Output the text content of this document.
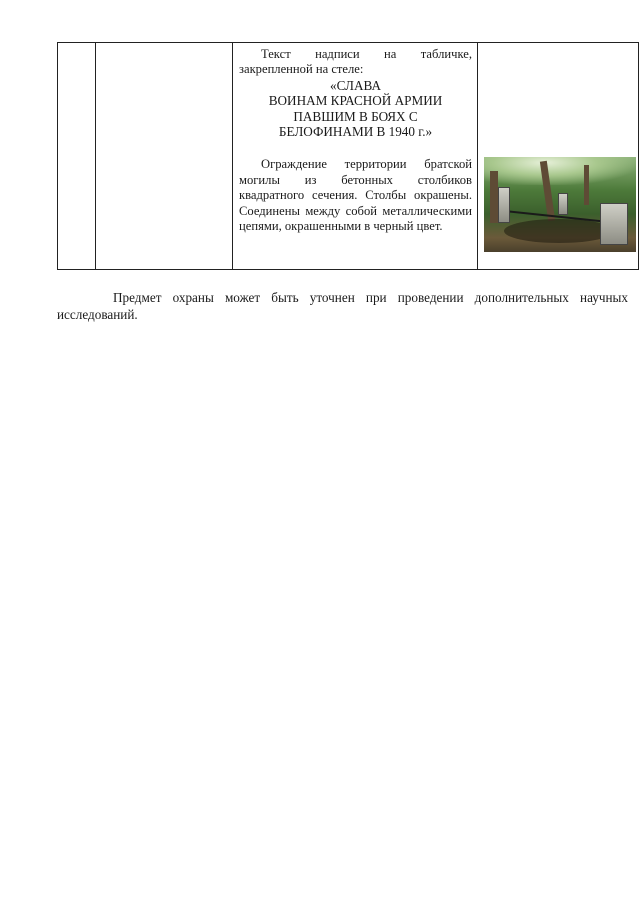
Текст надписи на табличке, закрепленной на стеле:

«СЛАВА

ВОИНАМ КРАСНОЙ АРМИИ

ПАВШИМ В БОЯХ С

БЕЛОФИНАМИ В 1940 г.»

Ограждение территории братской могилы из бетонных столбиков квадратного сечения. Столбы окрашены. Соединены между собой металлическими цепями, окрашенными в черный цвет.

Предмет охраны может быть уточнен при проведении дополнительных научных исследований.
